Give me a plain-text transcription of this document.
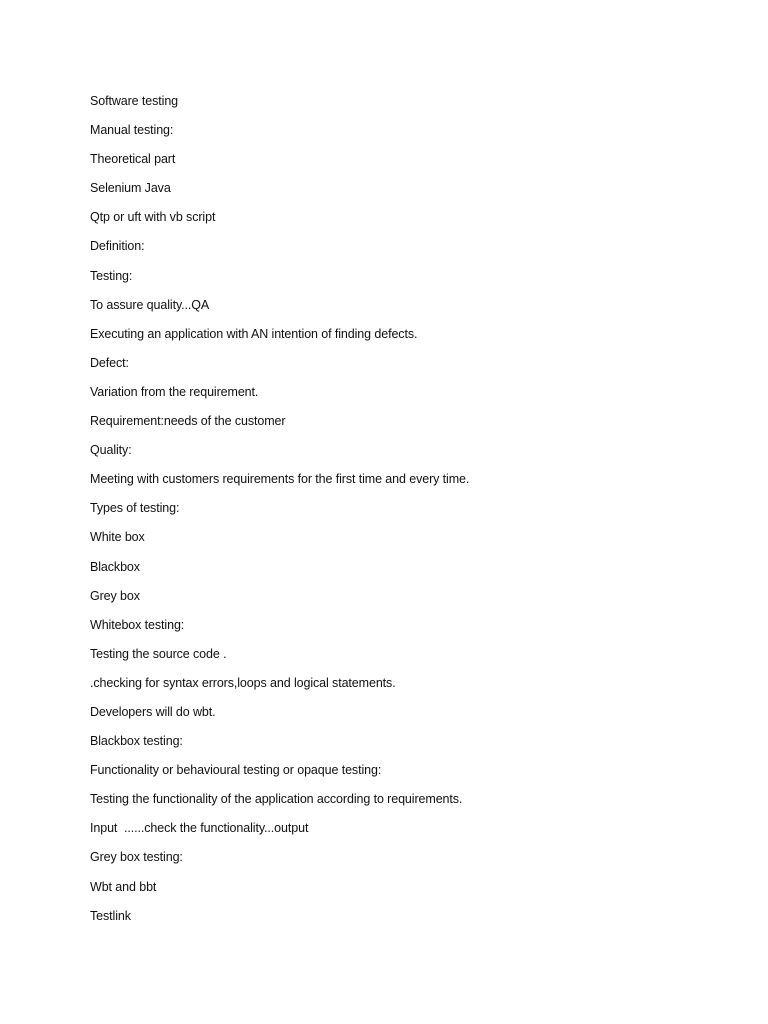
Software testing
Manual testing:
Theoretical part
Selenium Java
Qtp or uft with vb script
Definition:
Testing:
To assure quality...QA
Executing an application with AN intention of finding defects.
Defect:
Variation from the requirement.
Requirement:needs of the customer
Quality:
Meeting with customers requirements for the first time and every time.
Types of testing:
White box
Blackbox
Grey box
Whitebox testing:
Testing the source code .
.checking for syntax errors,loops and logical statements.
Developers will do wbt.
Blackbox testing:
Functionality or behavioural testing or opaque testing:
Testing the functionality of the application according to requirements.
Input  ......check the functionality...output
Grey box testing:
Wbt and bbt
Testlink
